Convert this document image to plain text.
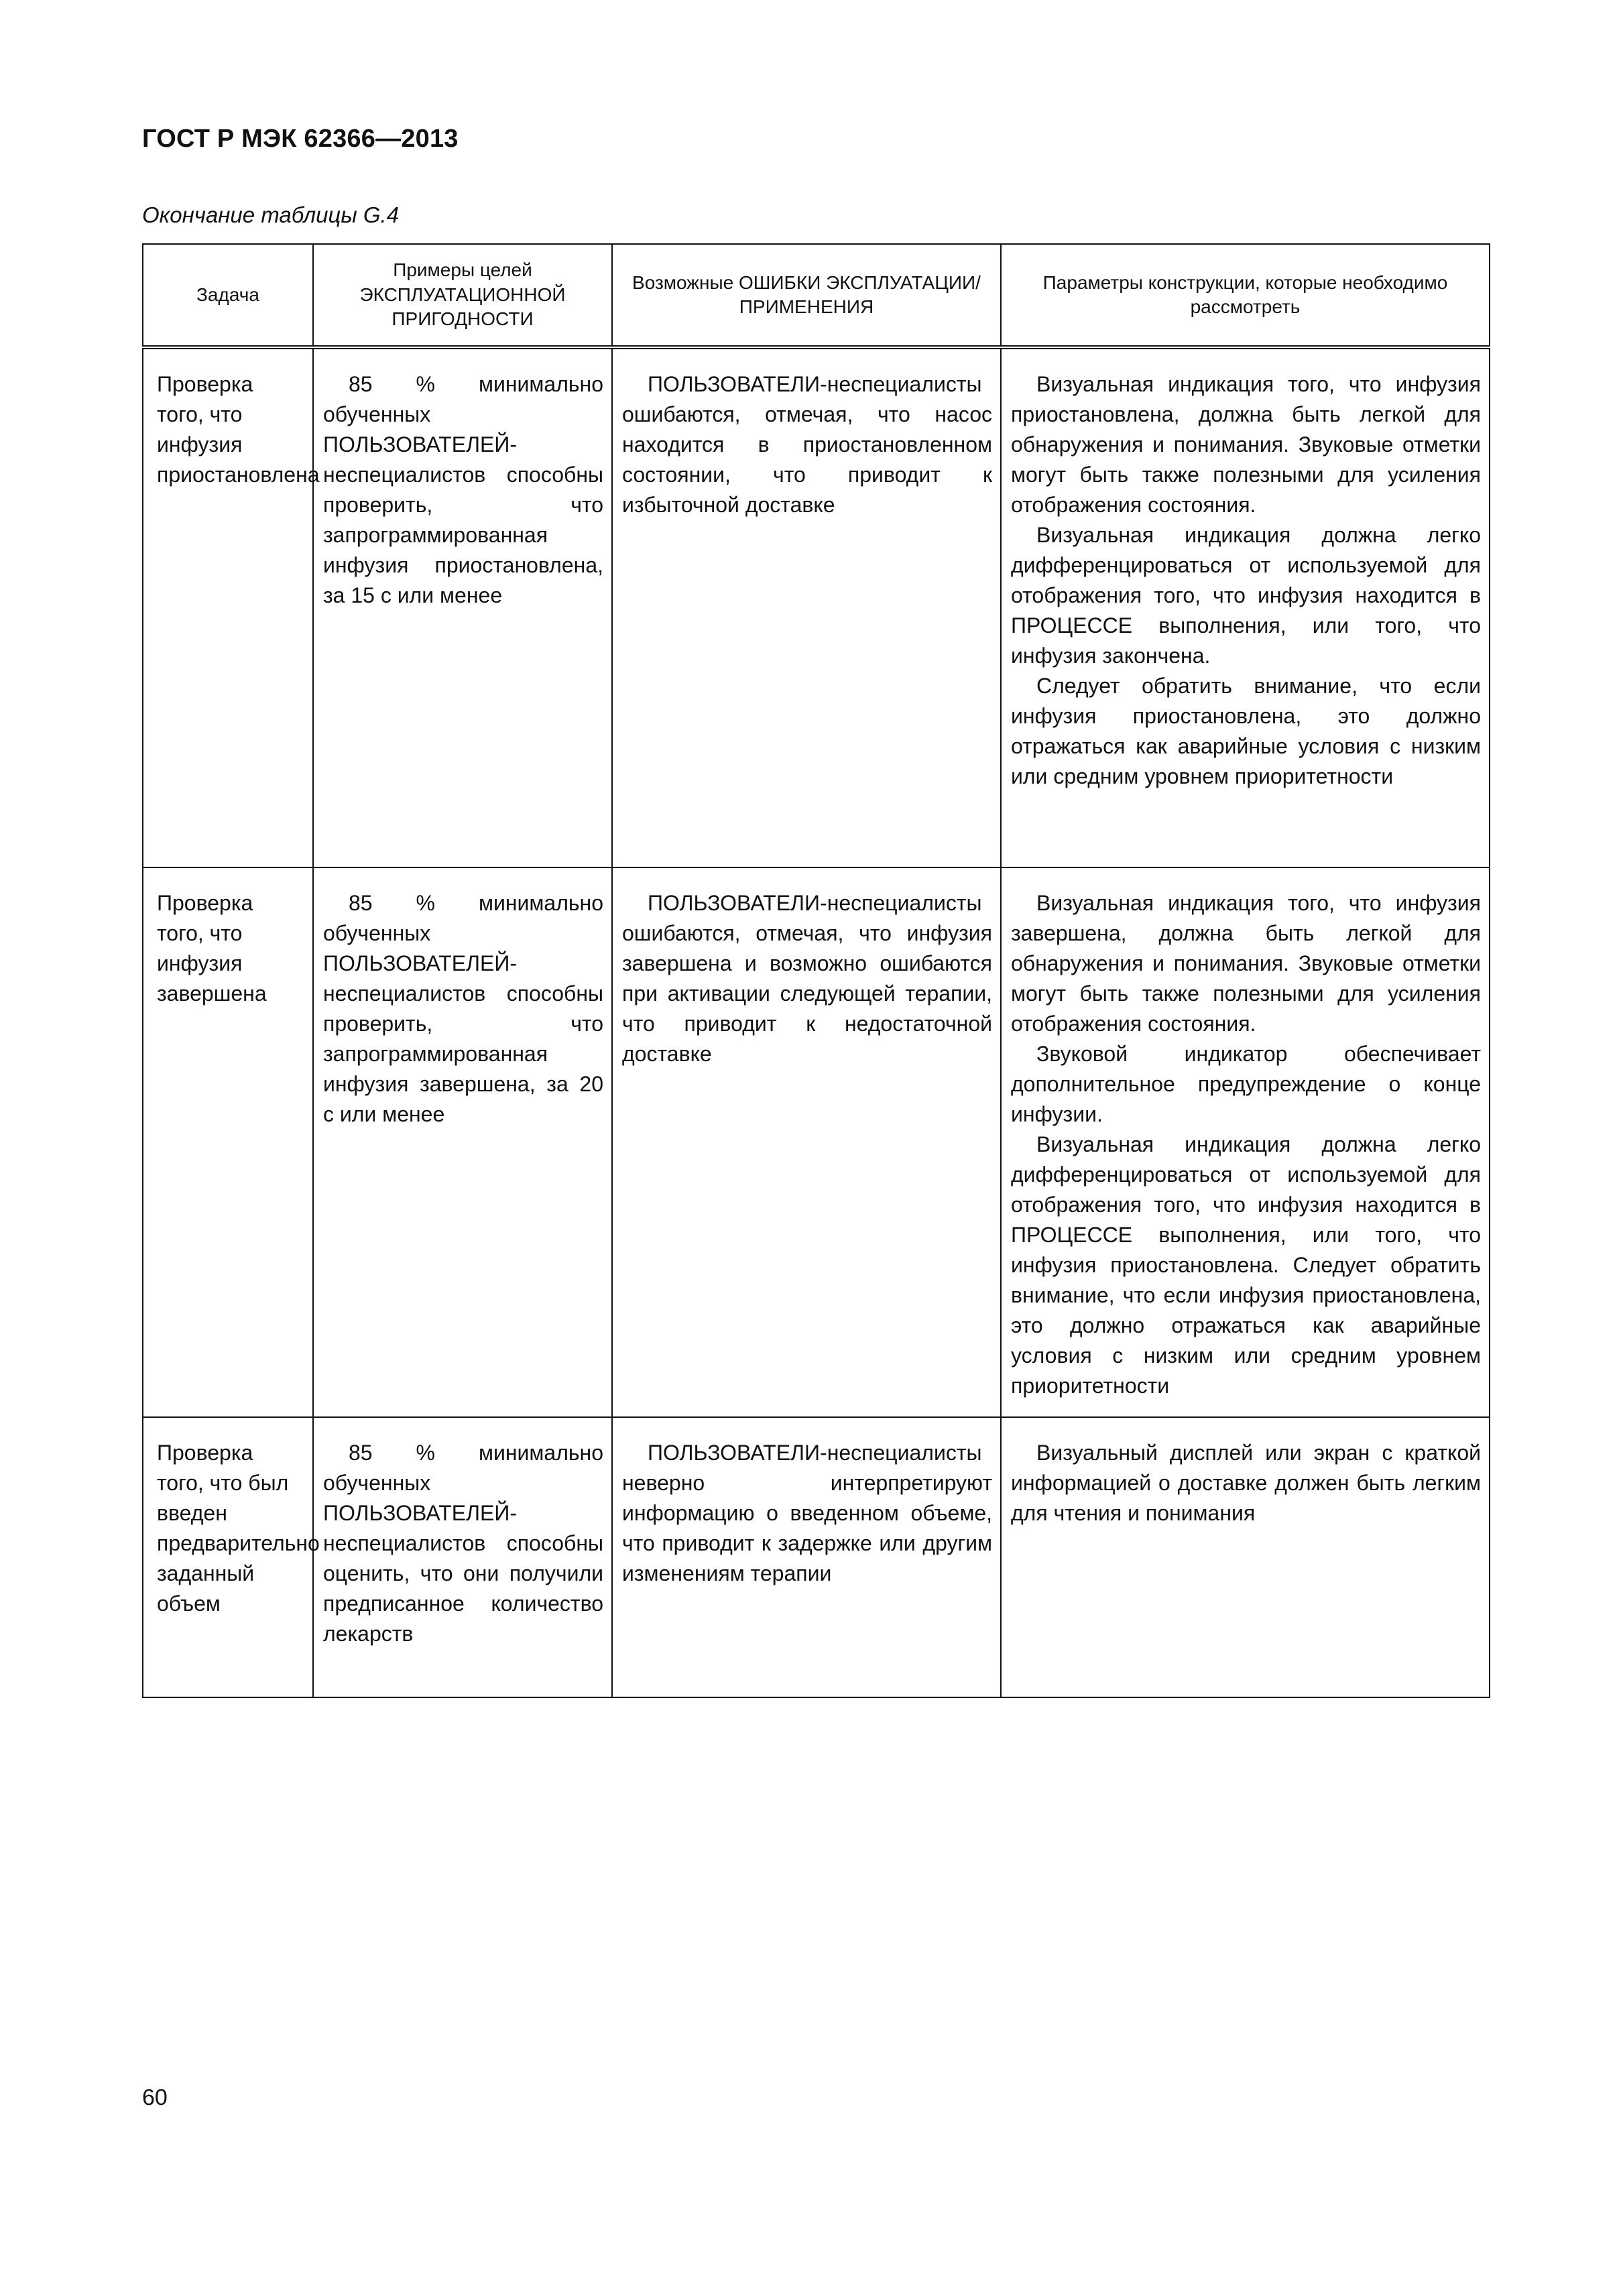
ГОСТ Р МЭК 62366—2013
Окончание таблицы G.4
Задача	Примеры целей ЭКСПЛУАТАЦИОННОЙ ПРИГОДНОСТИ	Возможные ОШИБКИ ЭКСПЛУАТАЦИИ/ ПРИМЕНЕНИЯ	Параметры конструкции, которые необходимо рассмотреть
Проверка того, что инфузия приостановлена	85 % минимально обученных ПОЛЬЗОВАТЕЛЕЙ-неспециалистов способны проверить, что запрограммированная инфузия приостановлена, за 15 с или менее	ПОЛЬЗОВАТЕЛИ-неспециалисты ошибаются, отмечая, что насос находится в приостановленном состоянии, что приводит к избыточной доставке	Визуальная индикация того, что инфузия приостановлена, должна быть легкой для обнаружения и понимания. Звуковые отметки могут быть также полезными для усиления отображения состояния.

Визуальная индикация должна легко дифференцироваться от используемой для отображения того, что инфузия находится в ПРОЦЕССЕ выполнения, или того, что инфузия закончена.

Следует обратить внимание, что если инфузия приостановлена, это должно отражаться как аварийные условия с низким или средним уровнем приоритетности

Проверка того, что инфузия завершена	85 % минимально обученных ПОЛЬЗОВАТЕЛЕЙ-неспециалистов способны проверить, что запрограммированная инфузия завершена, за 20 с или менее	ПОЛЬЗОВАТЕЛИ-неспециалисты ошибаются, отмечая, что инфузия завершена и возможно ошибаются при активации следующей терапии, что приводит к недостаточной доставке	Визуальная индикация того, что инфузия завершена, должна быть легкой для обнаружения и понимания. Звуковые отметки могут быть также полезными для усиления отображения состояния.

Звуковой индикатор обеспечивает дополнительное предупреждение о конце инфузии.

Визуальная индикация должна легко дифференцироваться от используемой для отображения того, что инфузия находится в ПРОЦЕССЕ выполнения, или того, что инфузия приостановлена. Следует обратить внимание, что если инфузия приостановлена, это должно отражаться как аварийные условия с низким или средним уровнем приоритетности

Проверка того, что был введен предварительно заданный объем	85 % минимально обученных ПОЛЬЗОВАТЕЛЕЙ-неспециалистов способны оценить, что они получили предписанное количество лекарств	ПОЛЬЗОВАТЕЛИ-неспециалисты неверно интерпретируют информацию о введенном объеме, что приводит к задержке или другим изменениям терапии	Визуальный дисплей или экран с краткой информацией о доставке должен быть легким для чтения и понимания

60
